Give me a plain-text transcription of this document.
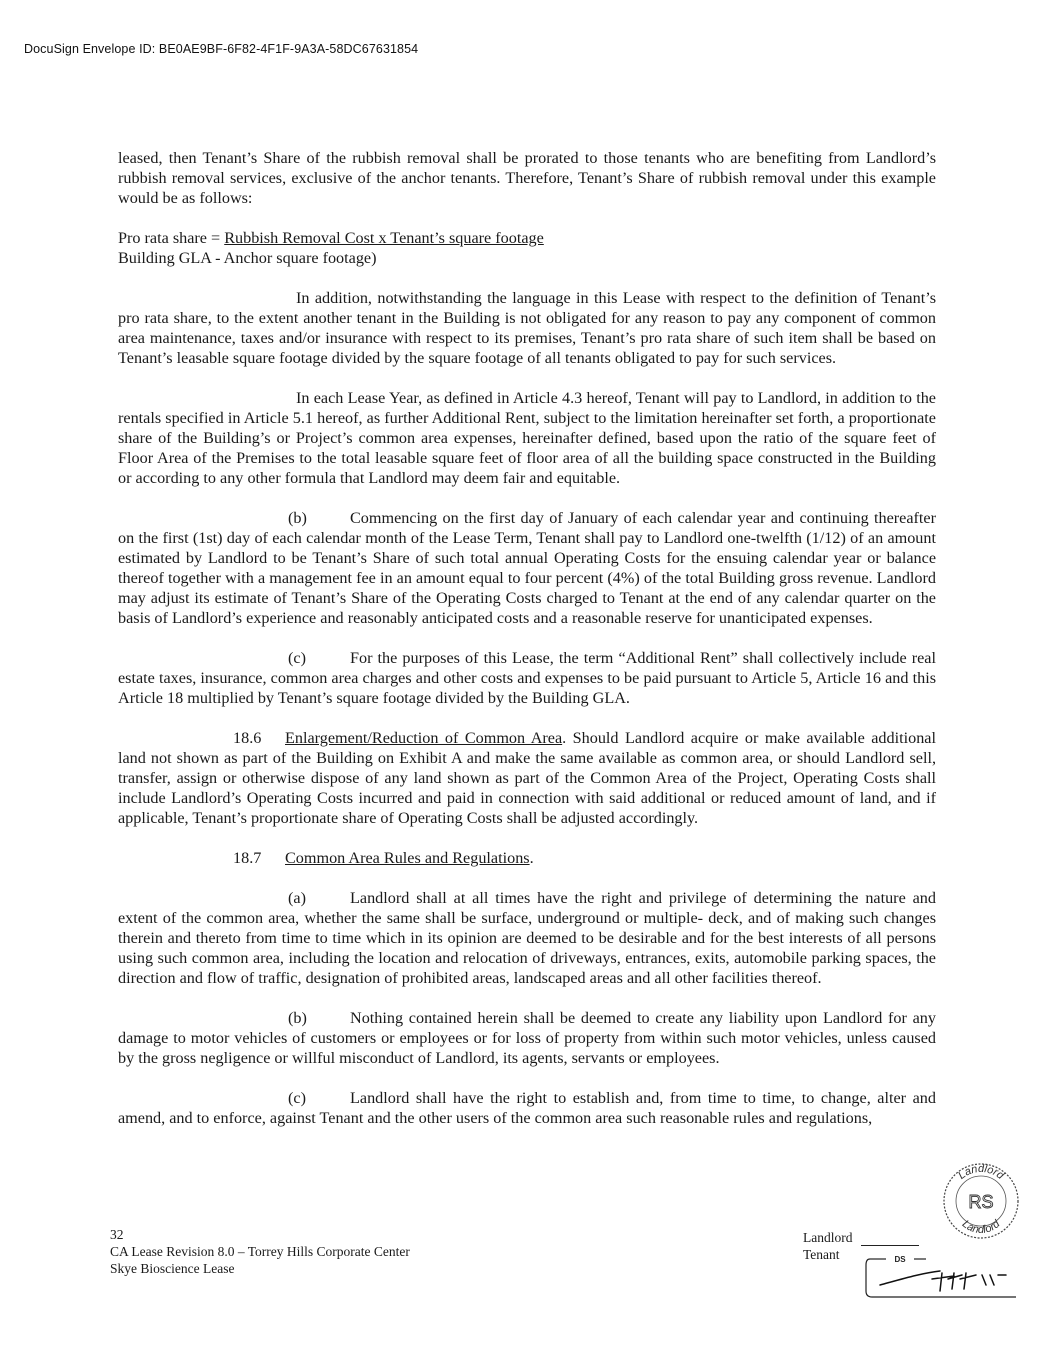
DocuSign Envelope ID: BE0AE9BF-6F82-4F1F-9A3A-58DC67631854

leased, then Tenant’s Share of the rubbish removal shall be prorated to those tenants who are benefiting from Landlord’s rubbish removal services, exclusive of the anchor tenants. Therefore, Tenant’s Share of rubbish removal under this example would be as follows:

Pro rata share = Rubbish Removal Cost x Tenant’s square footage

Building GLA - Anchor square footage)

In addition, notwithstanding the language in this Lease with respect to the definition of Tenant’s pro rata share, to the extent another tenant in the Building is not obligated for any reason to pay any component of common area maintenance, taxes and/or insurance with respect to its premises, Tenant’s pro rata share of such item shall be based on Tenant’s leasable square footage divided by the square footage of all tenants obligated to pay for such services.

In each Lease Year, as defined in Article 4.3 hereof, Tenant will pay to Landlord, in addition to the rentals specified in Article 5.1 hereof, as further Additional Rent, subject to the limitation hereinafter set forth, a proportionate share of the Building’s or Project’s common area expenses, hereinafter defined, based upon the ratio of the square feet of Floor Area of the Premises to the total leasable square feet of floor area of all the building space constructed in the Building or according to any other formula that Landlord may deem fair and equitable.

(b)	Commencing on the first day of January of each calendar year and continuing thereafter on the first (1st) day of each calendar month of the Lease Term, Tenant shall pay to Landlord one-twelfth (1/12) of an amount estimated by Landlord to be Tenant’s Share of such total annual Operating Costs for the ensuing calendar year or balance thereof together with a management fee in an amount equal to four percent (4%) of the total Building gross revenue. Landlord may adjust its estimate of Tenant’s Share of the Operating Costs charged to Tenant at the end of any calendar quarter on the basis of Landlord’s experience and reasonably anticipated costs and a reasonable reserve for unanticipated expenses.

(c)	For the purposes of this Lease, the term “Additional Rent” shall collectively include real estate taxes, insurance, common area charges and other costs and expenses to be paid pursuant to Article 5, Article 16 and this Article 18 multiplied by Tenant’s square footage divided by the Building GLA.

18.6 Enlargement/Reduction of Common Area. Should Landlord acquire or make available additional land not shown as part of the Building on Exhibit A and make the same available as common area, or should Landlord sell, transfer, assign or otherwise dispose of any land shown as part of the Common Area of the Project, Operating Costs shall include Landlord’s Operating Costs incurred and paid in connection with said additional or reduced amount of land, and if applicable, Tenant’s proportionate share of Operating Costs shall be adjusted accordingly.

18.7 Common Area Rules and Regulations.

(a)	Landlord shall at all times have the right and privilege of determining the nature and extent of the common area, whether the same shall be surface, underground or multiple- deck, and of making such changes therein and thereto from time to time which in its opinion are deemed to be desirable and for the best interests of all persons using such common area, including the location and relocation of driveways, entrances, exits, automobile parking spaces, the direction and flow of traffic, designation of prohibited areas, landscaped areas and all other facilities thereof.

(b)	Nothing contained herein shall be deemed to create any liability upon Landlord for any damage to motor vehicles of customers or employees or for loss of property from within such motor vehicles, unless caused by the gross negligence or willful misconduct of Landlord, its agents, servants or employees.

(c)	Landlord shall have the right to establish and, from time to time, to change, alter and amend, and to enforce, against Tenant and the other users of the common area such reasonable rules and regulations,

32
CA Lease Revision 8.0 – Torrey Hills Corporate Center
Skye Bioscience Lease
Landlord
Tenant
Landlord
RS
Landlord
DS
